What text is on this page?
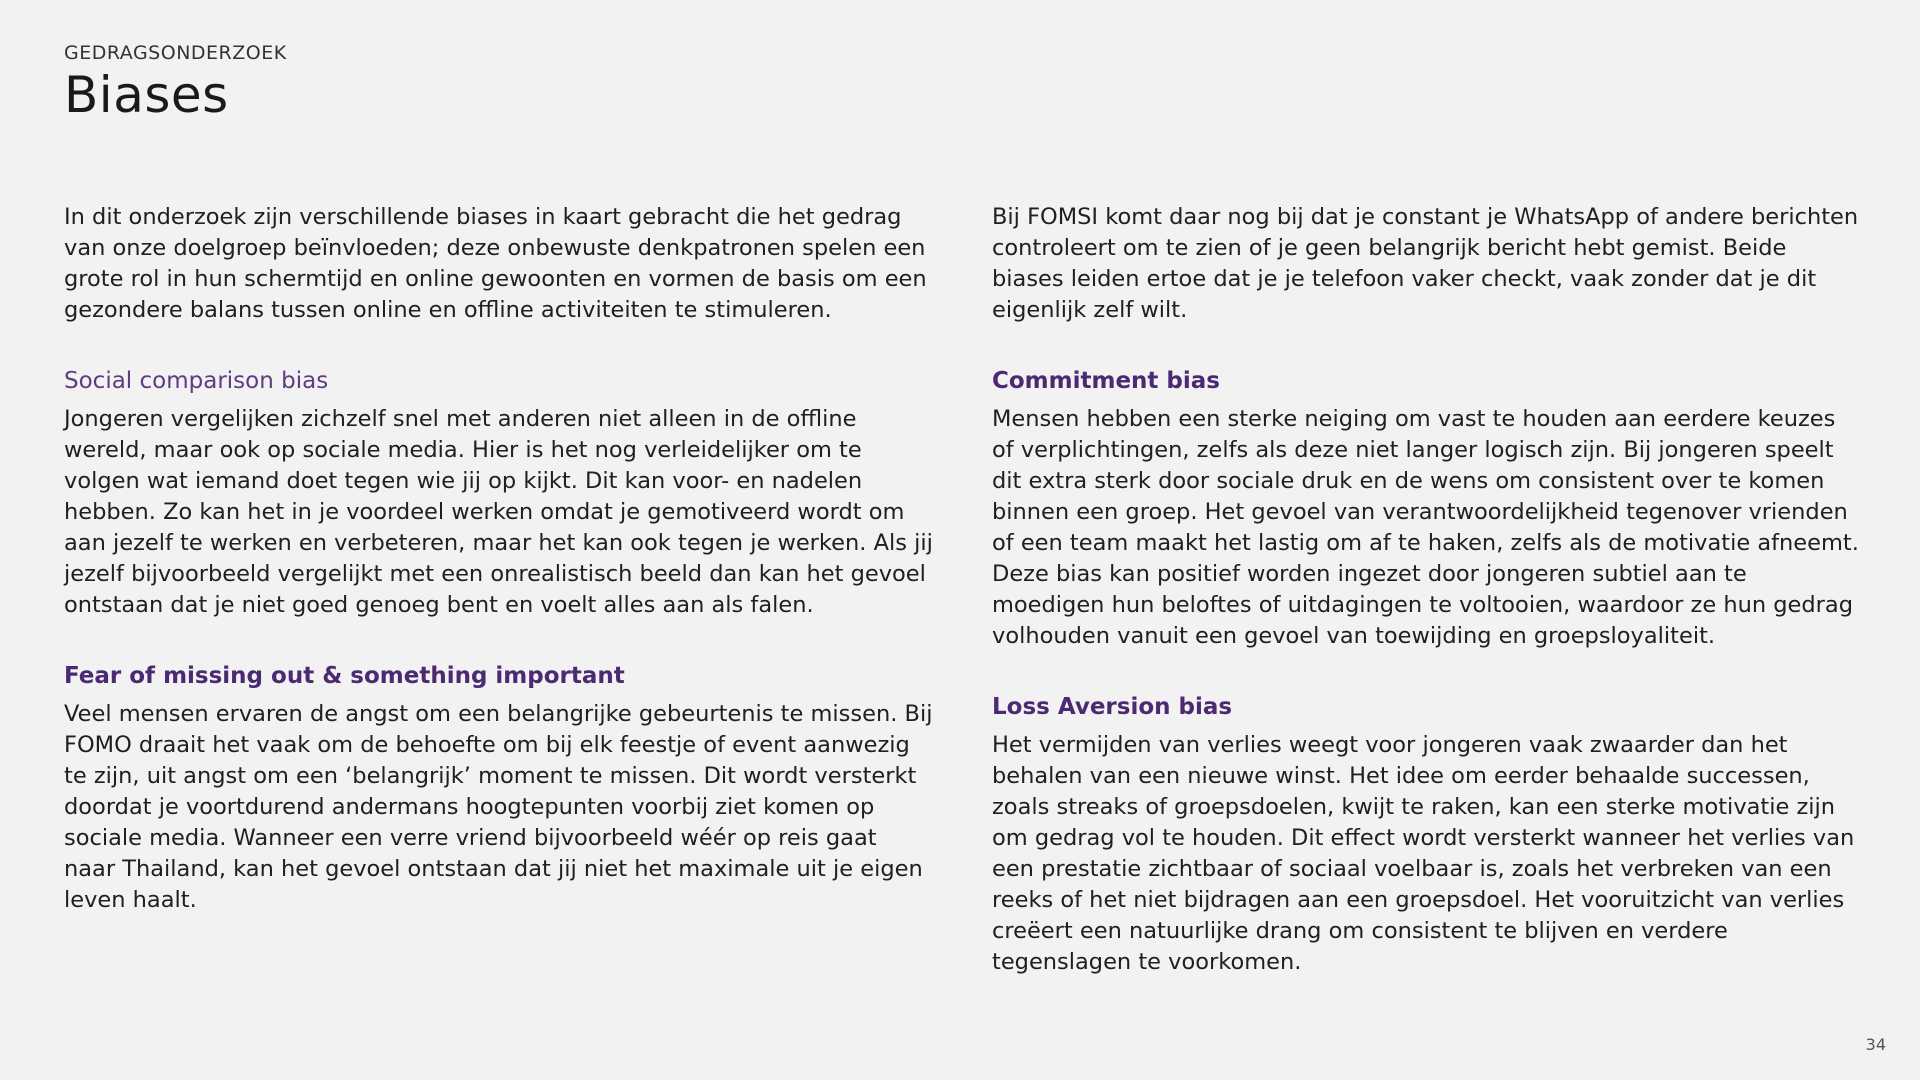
GEDRAGSONDERZOEK
Biases

In dit onderzoek zijn verschillende biases in kaart gebracht die het gedrag van onze doelgroep beïnvloeden; deze onbewuste denkpatronen spelen een grote rol in hun schermtijd en online gewoonten en vormen de basis om een gezondere balans tussen online en offline activiteiten te stimuleren.

Social comparison bias

Jongeren vergelijken zichzelf snel met anderen niet alleen in de offline wereld, maar ook op sociale media. Hier is het nog verleidelijker om te volgen wat iemand doet tegen wie jij op kijkt. Dit kan voor- en nadelen hebben. Zo kan het in je voordeel werken omdat je gemotiveerd wordt om aan jezelf te werken en verbeteren, maar het kan ook tegen je werken. Als jij jezelf bijvoorbeeld vergelijkt met een onrealistisch beeld dan kan het gevoel ontstaan dat je niet goed genoeg bent en voelt alles aan als falen.

Fear of missing out & something important

Veel mensen ervaren de angst om een belangrijke gebeurtenis te missen. Bij FOMO draait het vaak om de behoefte om bij elk feestje of event aanwezig te zijn, uit angst om een ‘belangrijk’ moment te missen. Dit wordt versterkt doordat je voortdurend andermans hoogtepunten voorbij ziet komen op sociale media. Wanneer een verre vriend bijvoorbeeld wéér op reis gaat naar Thailand, kan het gevoel ontstaan dat jij niet het maximale uit je eigen leven haalt.

Bij FOMSI komt daar nog bij dat je constant je WhatsApp of andere berichten controleert om te zien of je geen belangrijk bericht hebt gemist. Beide biases leiden ertoe dat je je telefoon vaker checkt, vaak zonder dat je dit eigenlijk zelf wilt.

Commitment bias

Mensen hebben een sterke neiging om vast te houden aan eerdere keuzes of verplichtingen, zelfs als deze niet langer logisch zijn. Bij jongeren speelt dit extra sterk door sociale druk en de wens om consistent over te komen binnen een groep. Het gevoel van verantwoordelijkheid tegenover vrienden of een team maakt het lastig om af te haken, zelfs als de motivatie afneemt. Deze bias kan positief worden ingezet door jongeren subtiel aan te moedigen hun beloftes of uitdagingen te voltooien, waardoor ze hun gedrag volhouden vanuit een gevoel van toewijding en groepsloyaliteit.

Loss Aversion bias

Het vermijden van verlies weegt voor jongeren vaak zwaarder dan het behalen van een nieuwe winst. Het idee om eerder behaalde successen, zoals streaks of groepsdoelen, kwijt te raken, kan een sterke motivatie zijn om gedrag vol te houden. Dit effect wordt versterkt wanneer het verlies van een prestatie zichtbaar of sociaal voelbaar is, zoals het verbreken van een reeks of het niet bijdragen aan een groepsdoel. Het vooruitzicht van verlies creëert een natuurlijke drang om consistent te blijven en verdere tegenslagen te voorkomen.

34
